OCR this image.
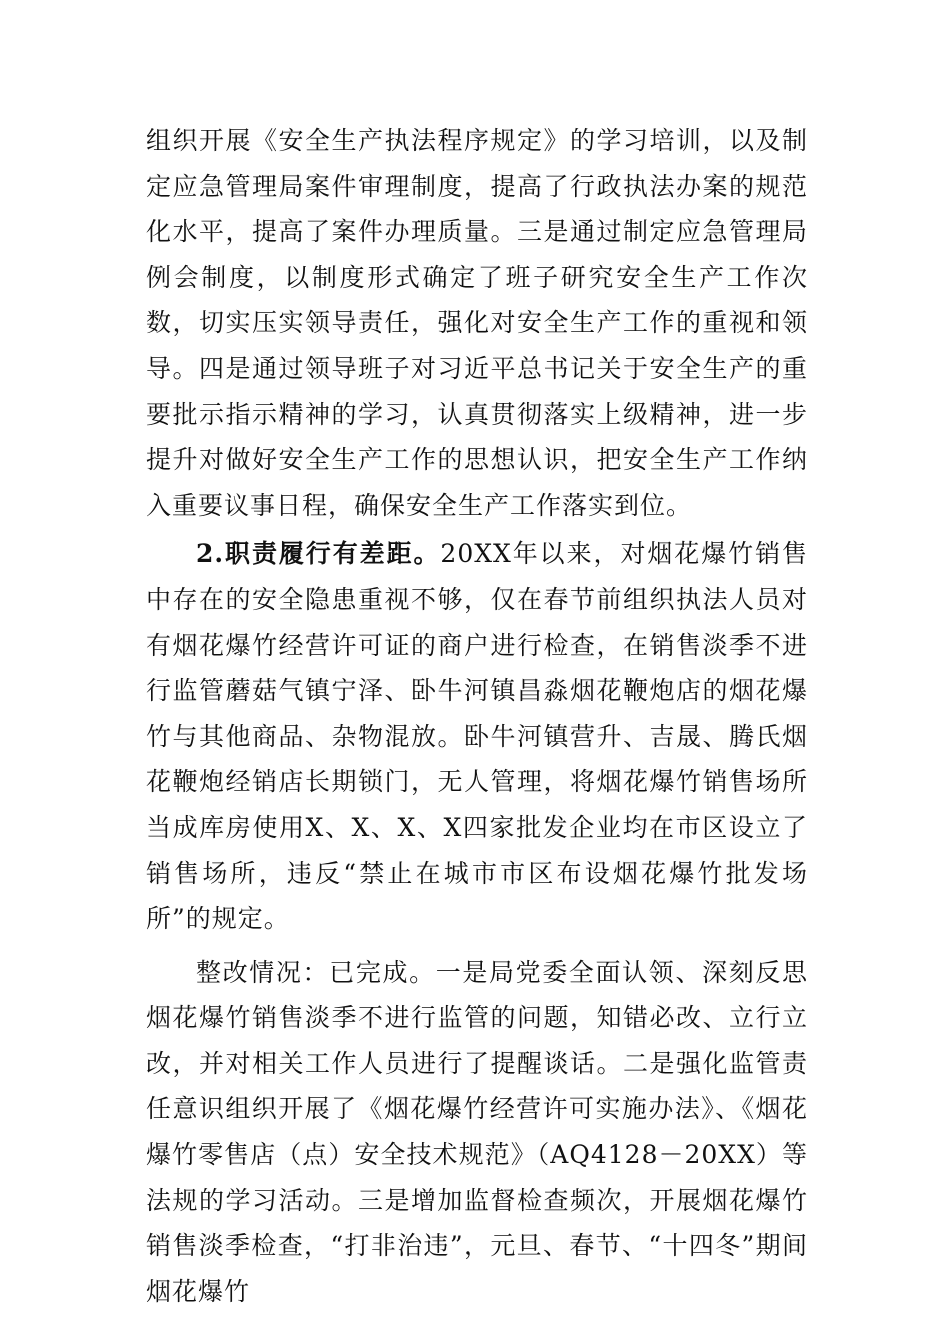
组织开展《安全生产执法程序规定》的学习培训，以及制定应急管理局案件审理制度，提高了行政执法办案的规范化水平，提高了案件办理质量。三是通过制定应急管理局例会制度，以制度形式确定了班子研究安全生产工作次数，切实压实领导责任，强化对安全生产工作的重视和领导。四是通过领导班子对习近平总书记关于安全生产的重要批示指示精神的学习，认真贯彻落实上级精神，进一步提升对做好安全生产工作的思想认识，把安全生产工作纳入重要议事日程，确保安全生产工作落实到位。

2.职责履行有差距。20XX年以来，对烟花爆竹销售中存在的安全隐患重视不够，仅在春节前组织执法人员对有烟花爆竹经营许可证的商户进行检查，在销售淡季不进行监管蘑菇气镇宁泽、卧牛河镇昌淼烟花鞭炮店的烟花爆竹与其他商品、杂物混放。卧牛河镇营升、吉晟、腾氏烟花鞭炮经销店长期锁门，无人管理，将烟花爆竹销售场所当成库房使用X、X、X、X四家批发企业均在市区设立了销售场所，违反“禁止在城市市区布设烟花爆竹批发场所”的规定。

整改情况：已完成。一是局党委全面认领、深刻反思烟花爆竹销售淡季不进行监管的问题，知错必改、立行立改，并对相关工作人员进行了提醒谈话。二是强化监管责任意识组织开展了《烟花爆竹经营许可实施办法》、《烟花爆竹零售店（点）安全技术规范》（AQ4128－20XX）等法规的学习活动。三是增加监督检查频次，开展烟花爆竹销售淡季检查，“打非治违”，元旦、春节、“十四冬”期间烟花爆竹
